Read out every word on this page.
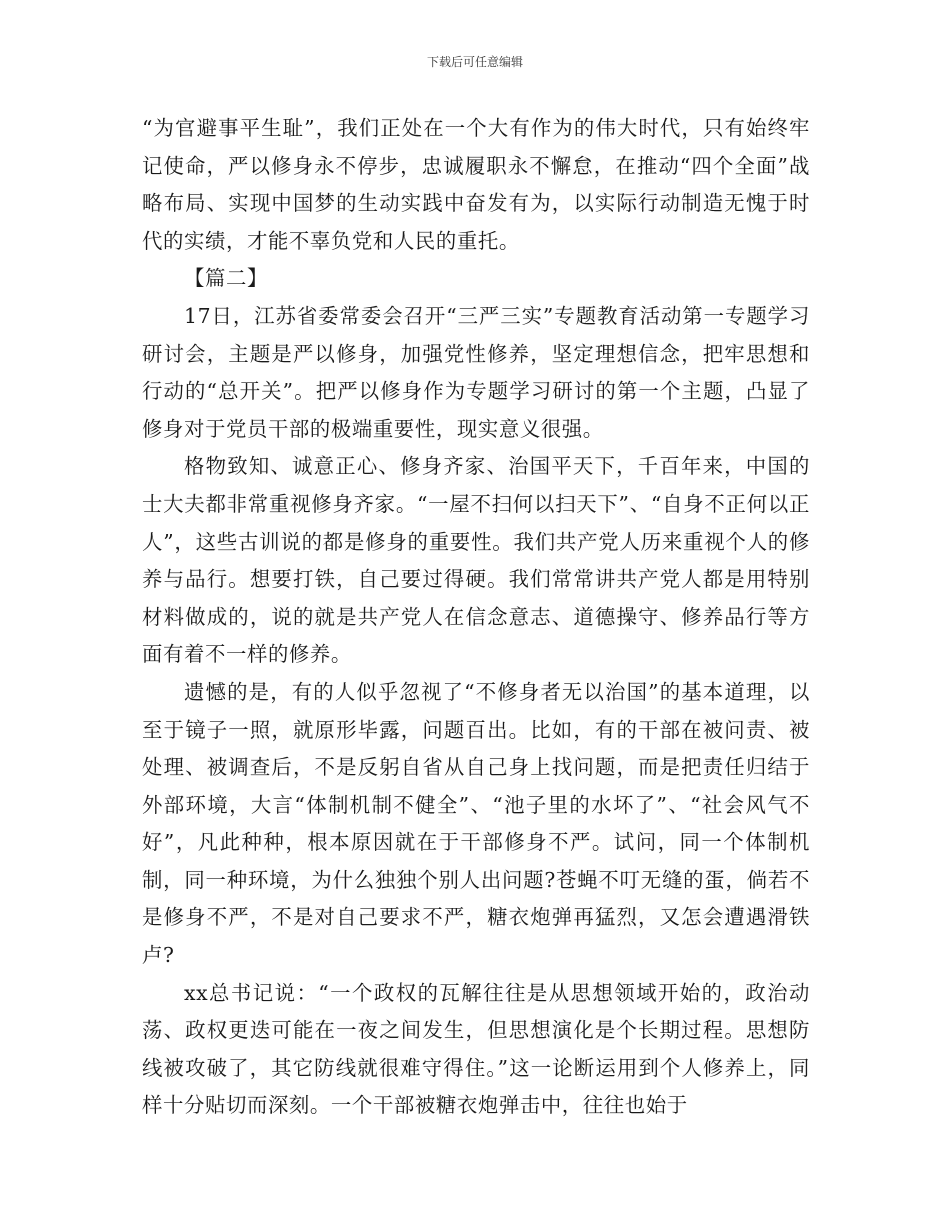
下载后可任意编辑

“为官避事平生耻”，我们正处在一个大有作为的伟大时代，只有始终牢记使命，严以修身永不停步，忠诚履职永不懈怠，在推动“四个全面”战略布局、实现中国梦的生动实践中奋发有为，以实际行动制造无愧于时代的实绩，才能不辜负党和人民的重托。

【篇二】

17日，江苏省委常委会召开“三严三实”专题教育活动第一专题学习研讨会，主题是严以修身，加强党性修养，坚定理想信念，把牢思想和行动的“总开关”。把严以修身作为专题学习研讨的第一个主题，凸显了修身对于党员干部的极端重要性，现实意义很强。

格物致知、诚意正心、修身齐家、治国平天下，千百年来，中国的士大夫都非常重视修身齐家。“一屋不扫何以扫天下”、“自身不正何以正人”，这些古训说的都是修身的重要性。我们共产党人历来重视个人的修养与品行。想要打铁，自己要过得硬。我们常常讲共产党人都是用特别材料做成的，说的就是共产党人在信念意志、道德操守、修养品行等方面有着不一样的修养。

遗憾的是，有的人似乎忽视了“不修身者无以治国”的基本道理，以至于镜子一照，就原形毕露，问题百出。比如，有的干部在被问责、被处理、被调查后，不是反躬自省从自己身上找问题，而是把责任归结于外部环境，大言“体制机制不健全”、“池子里的水坏了”、“社会风气不好”，凡此种种，根本原因就在于干部修身不严。试问，同一个体制机制，同一种环境，为什么独独个别人出问题?苍蝇不叮无缝的蛋，倘若不是修身不严，不是对自己要求不严，糖衣炮弹再猛烈，又怎会遭遇滑铁卢?

xx总书记说：“一个政权的瓦解往往是从思想领域开始的，政治动荡、政权更迭可能在一夜之间发生，但思想演化是个长期过程。思想防线被攻破了，其它防线就很难守得住。”这一论断运用到个人修养上，同样十分贴切而深刻。一个干部被糖衣炮弹击中，往往也始于
